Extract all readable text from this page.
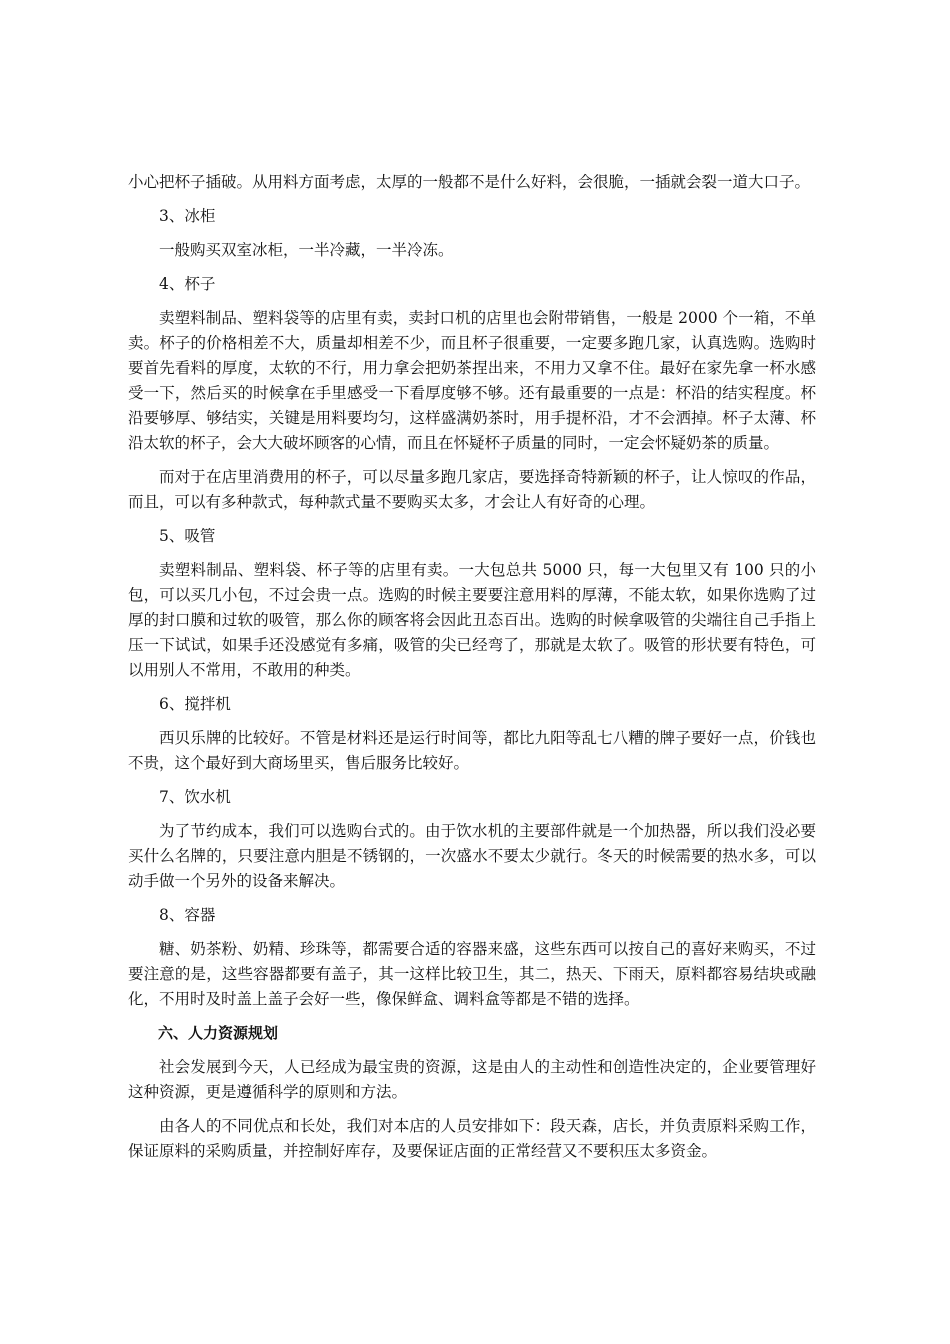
小心把杯子插破。从用料方面考虑，太厚的一般都不是什么好料，会很脆，一插就会裂一道大口子。

3、冰柜

一般购买双室冰柜，一半冷藏，一半冷冻。

4、杯子

卖塑料制品、塑料袋等的店里有卖，卖封口机的店里也会附带销售，一般是 2000 个一箱，不单卖。杯子的价格相差不大，质量却相差不少，而且杯子很重要，一定要多跑几家，认真选购。选购时要首先看料的厚度，太软的不行，用力拿会把奶茶捏出来，不用力又拿不住。最好在家先拿一杯水感受一下，然后买的时候拿在手里感受一下看厚度够不够。还有最重要的一点是：杯沿的结实程度。杯沿要够厚、够结实，关键是用料要均匀，这样盛满奶茶时，用手提杯沿，才不会洒掉。杯子太薄、杯沿太软的杯子，会大大破坏顾客的心情，而且在怀疑杯子质量的同时，一定会怀疑奶茶的质量。

而对于在店里消费用的杯子，可以尽量多跑几家店，要选择奇特新颖的杯子，让人惊叹的作品，而且，可以有多种款式，每种款式量不要购买太多，才会让人有好奇的心理。

5、吸管

卖塑料制品、塑料袋、杯子等的店里有卖。一大包总共 5000 只，每一大包里又有 100 只的小包，可以买几小包，不过会贵一点。选购的时候主要要注意用料的厚薄，不能太软，如果你选购了过厚的封口膜和过软的吸管，那么你的顾客将会因此丑态百出。选购的时候拿吸管的尖端往自己手指上压一下试试，如果手还没感觉有多痛，吸管的尖已经弯了，那就是太软了。吸管的形状要有特色，可以用别人不常用，不敢用的种类。

6、搅拌机

西贝乐牌的比较好。不管是材料还是运行时间等，都比九阳等乱七八糟的牌子要好一点，价钱也不贵，这个最好到大商场里买，售后服务比较好。

7、饮水机

为了节约成本，我们可以选购台式的。由于饮水机的主要部件就是一个加热器，所以我们没必要买什么名牌的，只要注意内胆是不锈钢的，一次盛水不要太少就行。冬天的时候需要的热水多，可以动手做一个另外的设备来解决。

8、容器

糖、奶茶粉、奶精、珍珠等，都需要合适的容器来盛，这些东西可以按自己的喜好来购买，不过要注意的是，这些容器都要有盖子，其一这样比较卫生，其二，热天、下雨天，原料都容易结块或融化，不用时及时盖上盖子会好一些，像保鲜盒、调料盒等都是不错的选择。

六、人力资源规划

社会发展到今天，人已经成为最宝贵的资源，这是由人的主动性和创造性决定的，企业要管理好这种资源，更是遵循科学的原则和方法。

由各人的不同优点和长处，我们对本店的人员安排如下：段天森，店长，并负责原料采购工作，保证原料的采购质量，并控制好库存，及要保证店面的正常经营又不要积压太多资金。
